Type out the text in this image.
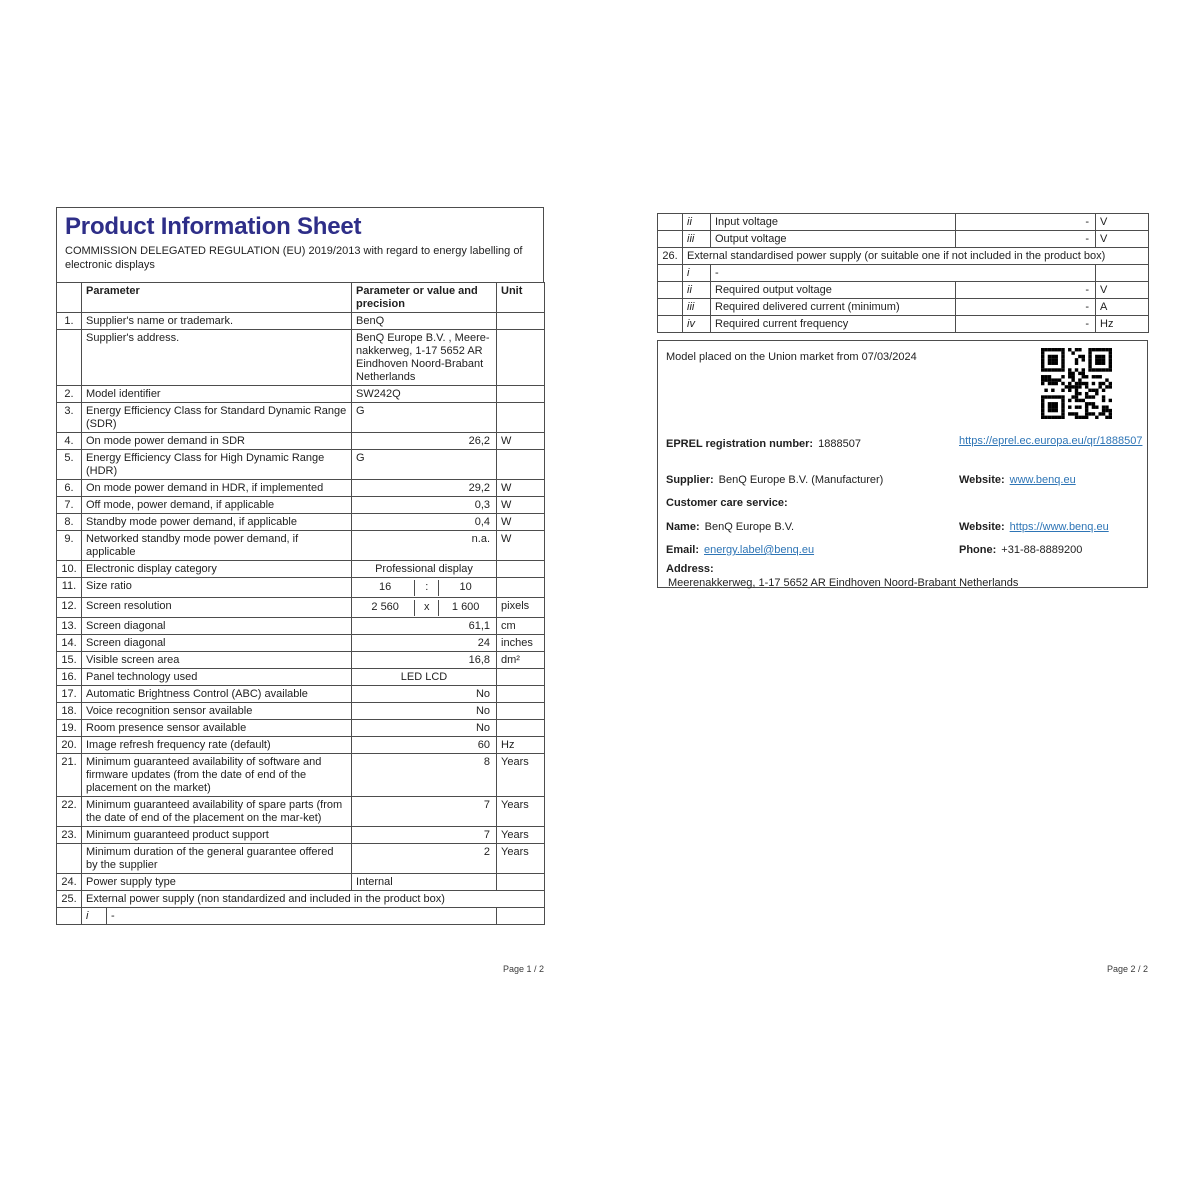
Product Information Sheet
COMMISSION DELEGATED REGULATION (EU) 2019/2013 with regard to energy labelling of electronic displays
	Parameter		Parameter or value and precision	Unit
1.	Supplier's name or trademark.		BenQ	
	Supplier's address.		BenQ Europe B.V. , Meere-nakkerweg, 1-17 5652 AR Eindhoven Noord-Brabant Netherlands	
2.	Model identifier		SW242Q	
3.	Energy Efficiency Class for Standard Dynamic Range (SDR)		G	
4.	On mode power demand in SDR		26,2	W
5.	Energy Efficiency Class for High Dynamic Range (HDR)		G	
6.	On mode power demand in HDR, if implemented		29,2	W
7.	Off mode, power demand, if applicable		0,3	W
8.	Standby mode power demand, if applicable		0,4	W
9.	Networked standby mode power demand, if applicable		n.a.	W
10.	Electronic display category		Professional display	
11.	Size ratio		16 : 10	

12.	Screen resolution		2 560 x 1 600	pixels
13.	Screen diagonal		61,1	cm
14.	Screen diagonal		24	inches
15.	Visible screen area		16,8	dm²
16.	Panel technology used		LED LCD	
17.	Automatic Brightness Control (ABC) available		No	
18.	Voice recognition sensor available		No	
19.	Room presence sensor available		No	
20.	Image refresh frequency rate (default)		60	Hz
21.	Minimum guaranteed availability of software and firmware updates (from the date of end of the placement on the market)		8	Years
22.	Minimum guaranteed availability of spare parts (from the date of end of the placement on the mar-ket)		7	Years
23.	Minimum guaranteed product support		7	Years
	Minimum duration of the general guarantee offered by the supplier		2	Years
24.	Power supply type		Internal	
25.	External power supply (non standardized and included in the product box)			
	i	-		
Page 1 / 2
	ii	Input voltage	-	V
	iii	Output voltage	-	V
26.	External standardised power supply (or suitable one if not included in the product box)			
	i	-		
	ii	Required output voltage	-	V
	iii	Required delivered current (minimum)	-	A
	iv	Required current frequency	-	Hz
Model placed on the Union market from 07/03/2024
EPREL registration number: 1888507	https://eprel.ec.europa.eu/qr/1888507
Supplier: BenQ Europe B.V. (Manufacturer)	Website: www.benq.eu
Customer care service:
Name: BenQ Europe B.V.	Website: https://www.benq.eu
Email: energy.label@benq.eu	Phone: +31-88-8889200
Address:
Meerenakkerweg, 1-17 5652 AR Eindhoven Noord-Brabant Netherlands
Page 2 / 2
